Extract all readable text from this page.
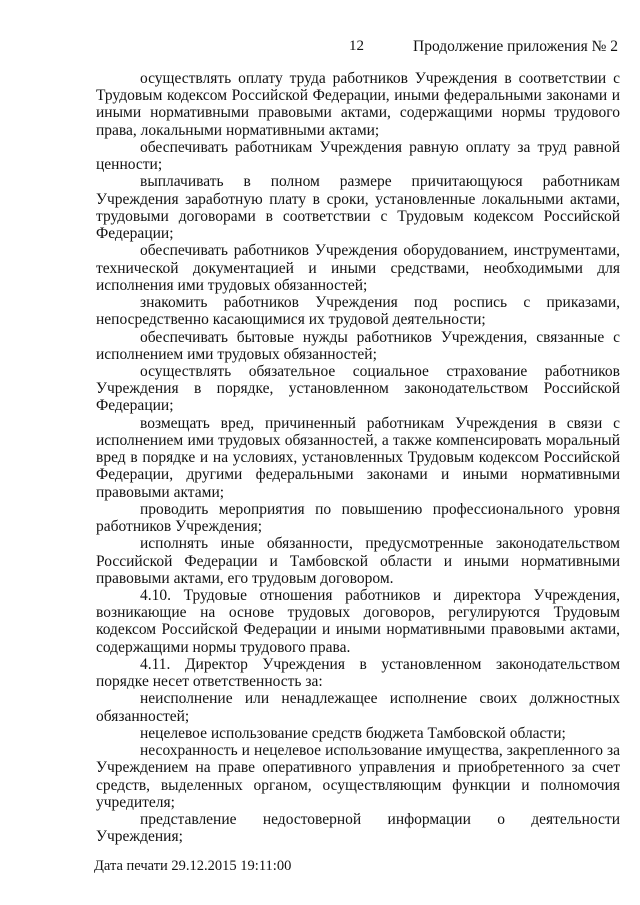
12	Продолжение приложения № 2

осуществлять оплату труда работников Учреждения в соответствии с Трудовым кодексом Российской Федерации, иными федеральными законами и иными нормативными правовыми актами, содержащими нормы трудового права, локальными нормативными актами;

обеспечивать работникам Учреждения равную оплату за труд равной ценности;

выплачивать в полном размере причитающуюся работникам Учреждения заработную плату в сроки, установленные локальными актами, трудовыми договорами в соответствии с Трудовым кодексом Российской Федерации;

обеспечивать работников Учреждения оборудованием, инструментами, технической документацией и иными средствами, необходимыми для исполнения ими трудовых обязанностей;

знакомить работников Учреждения под роспись с приказами, непосредственно касающимися их трудовой деятельности;

обеспечивать бытовые нужды работников Учреждения, связанные с исполнением ими трудовых обязанностей;

осуществлять обязательное социальное страхование работников Учреждения в порядке, установленном законодательством Российской Федерации;

возмещать вред, причиненный работникам Учреждения в связи с исполнением ими трудовых обязанностей, а также компенсировать моральный вред в порядке и на условиях, установленных Трудовым кодексом Российской Федерации, другими федеральными законами и иными нормативными правовыми актами;

проводить мероприятия по повышению профессионального уровня работников Учреждения;

исполнять иные обязанности, предусмотренные законодательством Российской Федерации и Тамбовской области и иными нормативными правовыми актами, его трудовым договором.

4.10. Трудовые отношения работников и директора Учреждения, возникающие на основе трудовых договоров, регулируются Трудовым кодексом Российской Федерации и иными нормативными правовыми актами, содержащими нормы трудового права.

4.11. Директор Учреждения в установленном законодательством порядке несет ответственность за:

неисполнение или ненадлежащее исполнение своих должностных обязанностей;

нецелевое использование средств бюджета Тамбовской области;

несохранность и нецелевое использование имущества, закрепленного за Учреждением на праве оперативного управления и приобретенного за счет средств, выделенных органом, осуществляющим функции и полномочия учредителя;

представление недостоверной информации о деятельности Учреждения;

Дата печати 29.12.2015 19:11:00
